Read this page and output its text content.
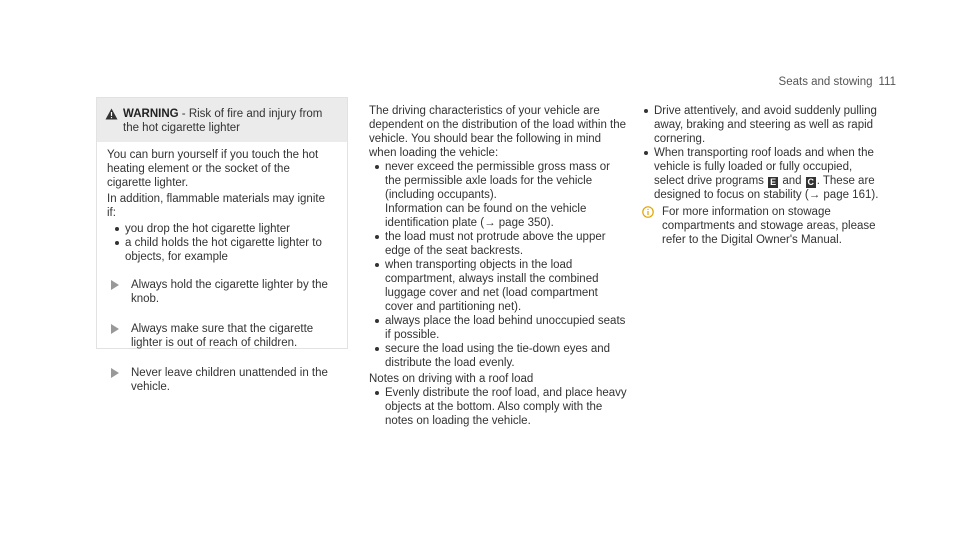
Seats and stowing 111
WARNING - Risk of fire and injury from the hot cigarette lighter

You can burn yourself if you touch the hot heating element or the socket of the cigarette lighter.

In addition, flammable materials may ignite if:

you drop the hot cigarette lighter
a child holds the hot cigarette lighter to objects, for example
Always hold the cigarette lighter by the knob.
Always make sure that the cigarette lighter is out of reach of children.
Never leave children unattended in the vehicle.

The driving characteristics of your vehicle are dependent on the distribution of the load within the vehicle. You should bear the following in mind when loading the vehicle:

never exceed the permissible gross mass or the permissible axle loads for the vehicle (including occupants).
Information can be found on the vehicle identification plate (→ page 350).
the load must not protrude above the upper edge of the seat backrests.
when transporting objects in the load compartment, always install the combined luggage cover and net (load compartment cover and partitioning net).
always place the load behind unoccupied seats if possible.
secure the load using the tie-down eyes and distribute the load evenly.

Notes on driving with a roof load

Evenly distribute the roof load, and place heavy objects at the bottom. Also comply with the notes on loading the vehicle.
Drive attentively, and avoid suddenly pulling away, braking and steering as well as rapid cornering.
When transporting roof loads and when the vehicle is fully loaded or fully occupied, select drive programs E and C . These are designed to focus on stability (→ page 161).
For more information on stowage compartments and stowage areas, please refer to the Digital Owner's Manual.
